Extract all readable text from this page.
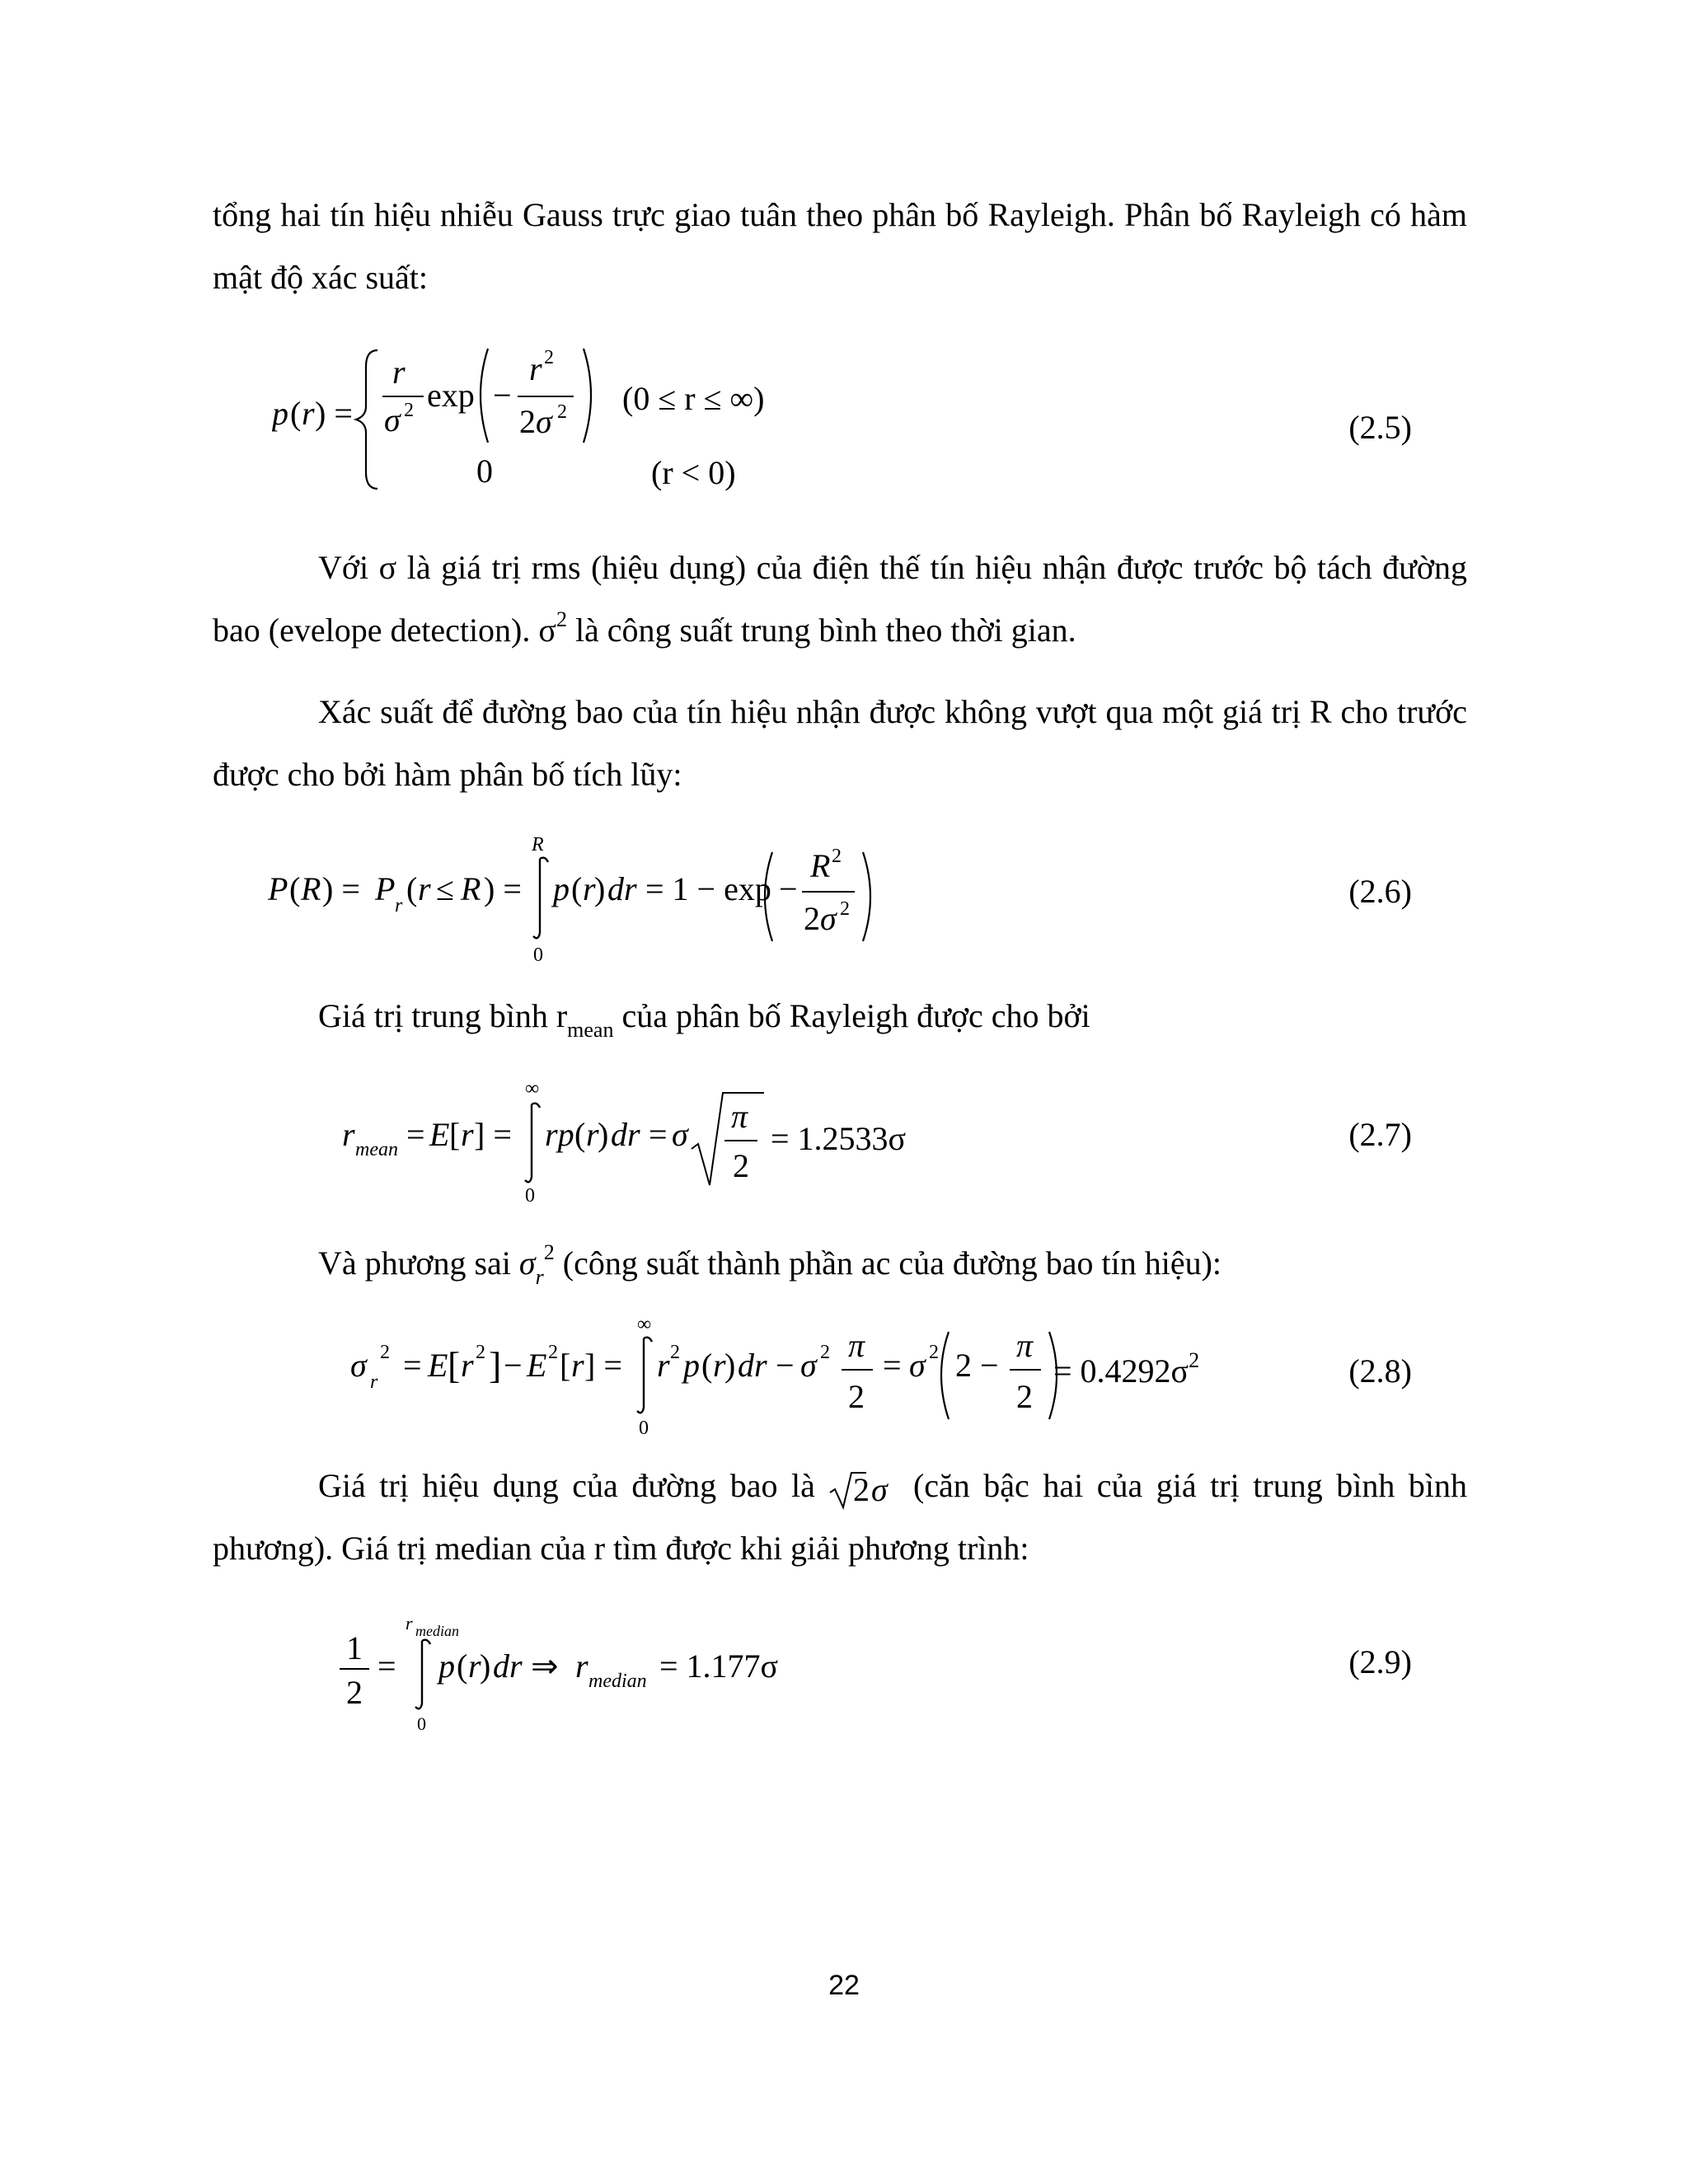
tổng hai tín hiệu nhiễu Gauss trực giao tuân theo phân bố Rayleigh. Phân bố Rayleigh có hàm mật độ xác suất:
p ( r ) =
r
σ 2 exp −
r 2
2 σ 2
0
(0 ≤ r ≤ ∞)
(r < 0)
(2.5)
Với σ là giá trị rms (hiệu dụng) của điện thế tín hiệu nhận được trước bộ tách đường bao (evelope detection). $\sigma^2$ là công suất trung bình theo thời gian.
Xác suất để đường bao của tín hiệu nhận được không vượt qua một giá trị R cho trước được cho bởi hàm phân bố tích lũy:
P ( R ) = P r ( r ≤ R ) =
R
0
p ( r
) dr = 1 − exp −
R 2
2 σ 2	(2.6)
Giá trị trung bình $r_{mean}$ của phân bố Rayleigh được cho bởi
r mean = E [ r ] =
∞
0
rp ( r
) dr = σ π
2
= 1.2533σ	(2.7)
Và phương sai $\sigma_r^2$ (công suất thành phần ac của đường bao tín hiệu):
σ r
2 = E [ r 2 ] − E 2 [ r ] =
∞
0
r 2 p ( r
) dr − σ 2 π
2
= σ 2 2 −
π
2
= $0.4292\sigma^2$	(2.8)
Giá trị hiệu dụng của đường bao là 2 σ (căn bậc hai của giá trị trung bình bình phương). Giá trị median của r tìm được khi giải phương trình:
1
2
=
r median
0
p ( r
) dr ⇒ r median = 1.177σ	(2.9)
22
